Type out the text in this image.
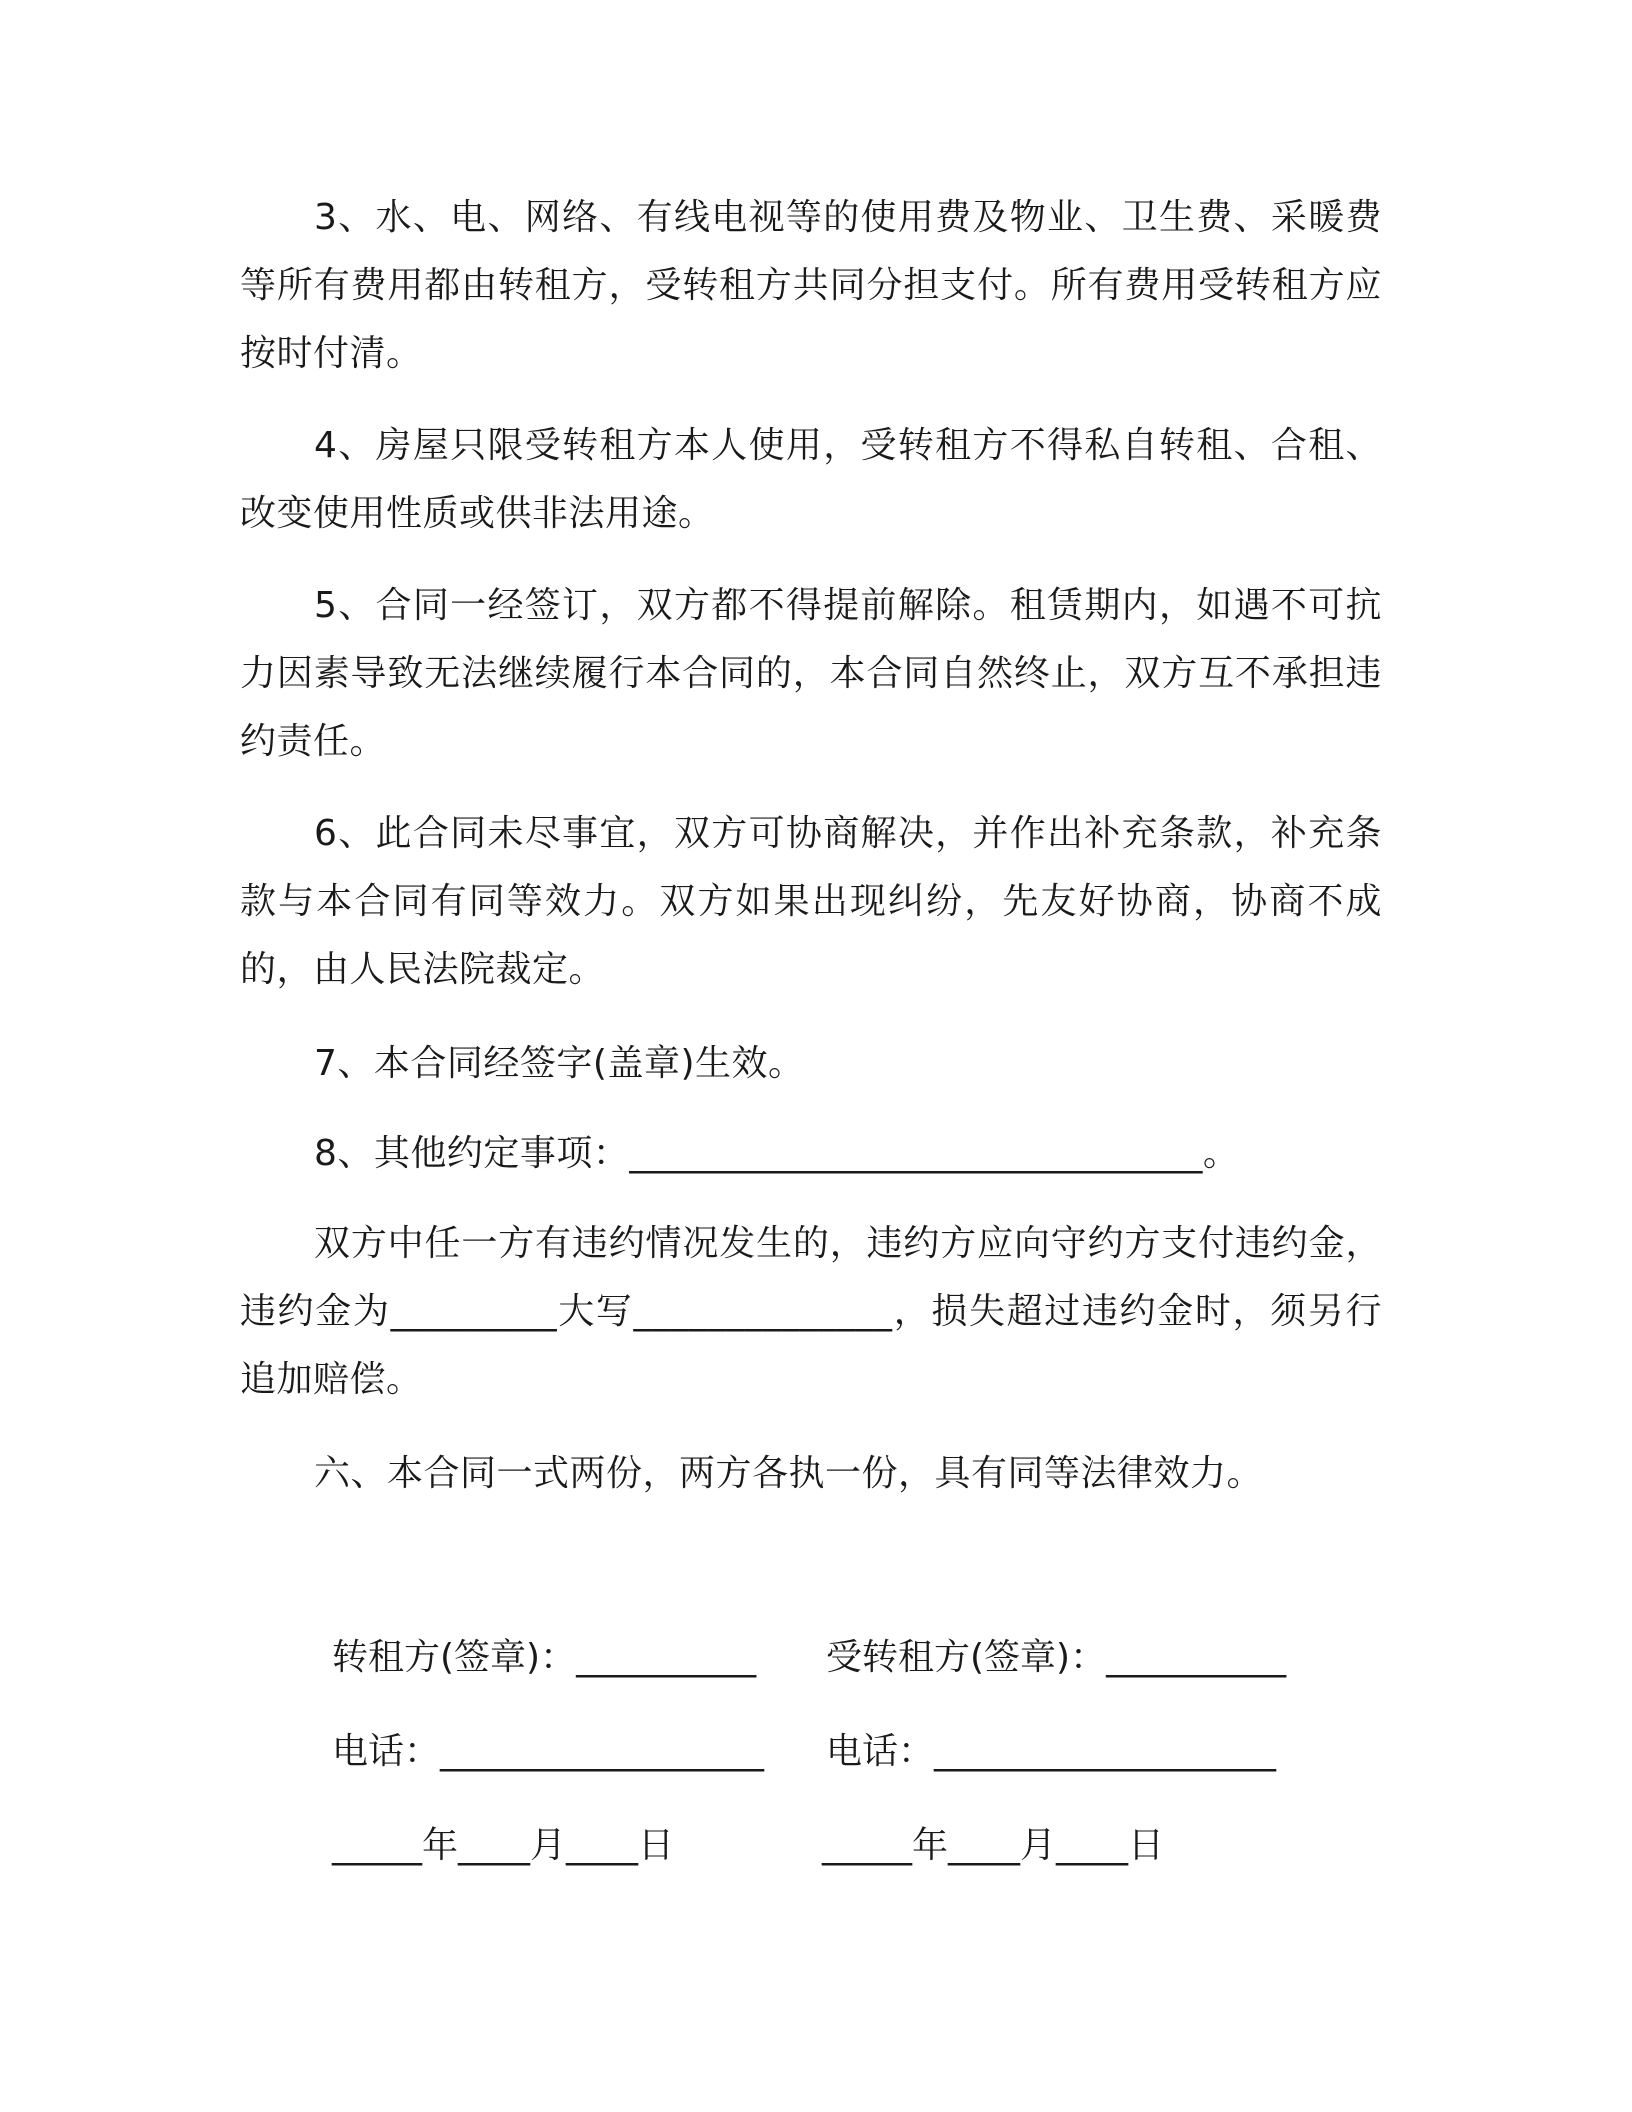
3、水、电、网络、有线电视等的使用费及物业、卫生费、采暖费等所有费用都由转租方，受转租方共同分担支付。所有费用受转租方应按时付清。

4、房屋只限受转租方本人使用，受转租方不得私自转租、合租、改变使用性质或供非法用途。

5、合同一经签订，双方都不得提前解除。租赁期内，如遇不可抗力因素导致无法继续履行本合同的，本合同自然终止，双方互不承担违约责任。

6、此合同未尽事宜，双方可协商解决，并作出补充条款，补充条款与本合同有同等效力。双方如果出现纠纷，先友好协商，协商不成的，由人民法院裁定。

7、本合同经签字(盖章)生效。

8、其他约定事项：_______________________________。

双方中任一方有违约情况发生的，违约方应向守约方支付违约金，违约金为_________大写______________，损失超过违约金时，须另行追加赔偿。

六、本合同一式两份，两方各执一份，具有同等法律效力。

转租方(签章)：__________ 受转租方(签章)：__________
电话：__________________ 电话：___________________
_____年____月____日	_____年____月____日
